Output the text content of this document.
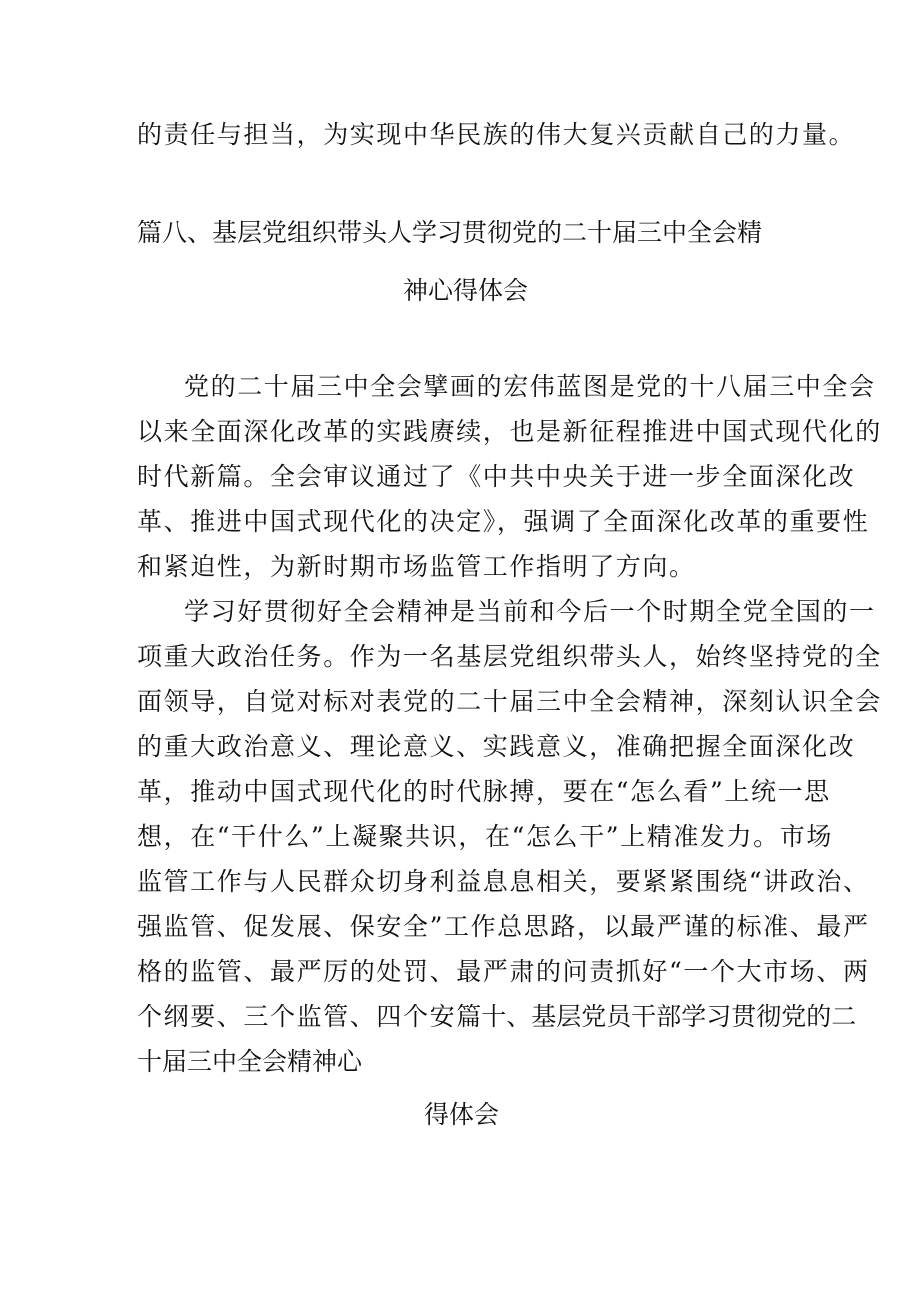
的责任与担当，为实现中华民族的伟大复兴贡献自己的力量。
篇八、基层党组织带头人学习贯彻党的二十届三中全会精
神心得体会
党的二十届三中全会擘画的宏伟蓝图是党的十八届三中全会
以来全面深化改革的实践赓续，也是新征程推进中国式现代化的
时代新篇。全会审议通过了《中共中央关于进一步全面深化改
革、推进中国式现代化的决定》，强调了全面深化改革的重要性
和紧迫性，为新时期市场监管工作指明了方向。
学习好贯彻好全会精神是当前和今后一个时期全党全国的一
项重大政治任务。作为一名基层党组织带头人，始终坚持党的全
面领导，自觉对标对表党的二十届三中全会精神，深刻认识全会
的重大政治意义、理论意义、实践意义，准确把握全面深化改
革，推动中国式现代化的时代脉搏，要在“怎么看”上统一思
想，在“干什么”上凝聚共识，在“怎么干”上精准发力。市场
监管工作与人民群众切身利益息息相关，要紧紧围绕“讲政治、
强监管、促发展、保安全”工作总思路，以最严谨的标准、最严
格的监管、最严厉的处罚、最严肃的问责抓好“一个大市场、两
个纲要、三个监管、四个安篇十、基层党员干部学习贯彻党的二
十届三中全会精神心
得体会
